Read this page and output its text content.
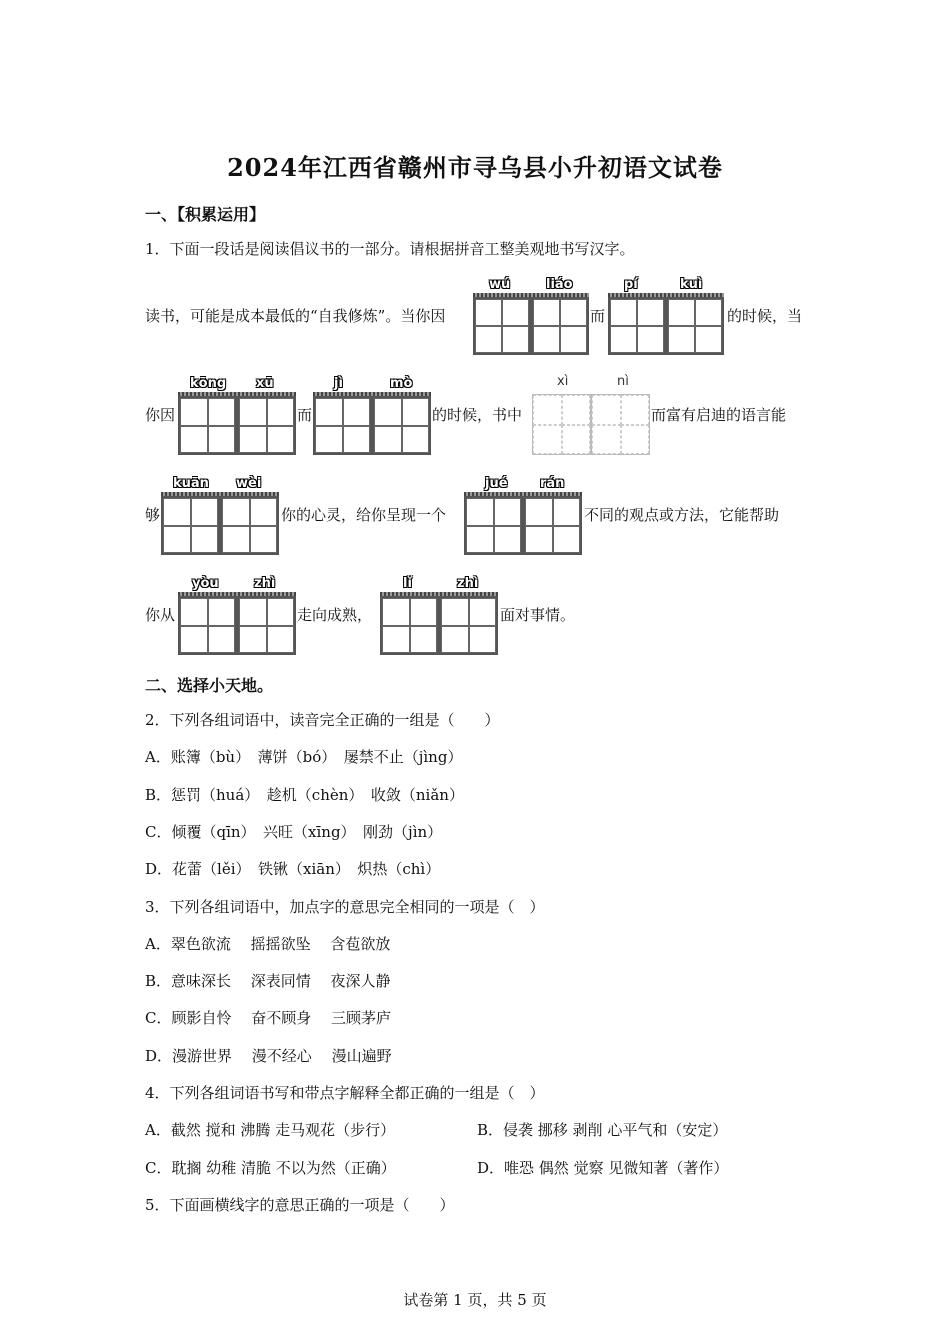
2024年江西省赣州市寻乌县小升初语文试卷
一、【积累运用】
1．下面一段话是阅读倡议书的一部分。请根据拼音工整美观地书写汉字。
读书，可能是成本最低的“自我修炼”。当你因
wú	liáo
而
pí	kuì
的时候，当
你因
kōng xū
而
jì	mò
的时候，书中
xì	nì
而富有启迪的语言能
够
kuān wèi
你的心灵，给你呈现一个
jué rán
不同的观点或方法，它能帮助
你从
yòu	zhì
走向成熟，
lǐ	zhì
面对事情。
二、选择小天地。
2．下列各组词语中，读音完全正确的一组是（　　）
A．账簿（bù）　薄饼（bó）　屡禁不止（jìng）
B．惩罚（huá）　趁机（chèn）　收敛（niǎn）
C．倾覆（qīn）　兴旺（xīng）　刚劲（jìn）
D．花蕾（lěi）　铁锹（xiān）　炽热（chì）
3．下列各组词语中，加点字的意思完全相同的一项是（　）
A．翠色欲流　 摇摇欲坠　 含苞欲放
B．意味深长　 深表同情　 夜深人静
C．顾影自怜　 奋不顾身　 三顾茅庐
D．漫游世界　 漫不经心　 漫山遍野
4．下列各组词语书写和带点字解释全都正确的一组是（　）
A．截然 搅和 沸腾 走马观花（步行）	B．侵袭 挪移 剥削 心平气和（安定）
C．耽搁 幼稚 清脆 不以为然（正确）	D．唯恐 偶然 觉察 见微知著（著作）
5．下面画横线字的意思正确的一项是（　　）
试卷第 1 页，共 5 页
